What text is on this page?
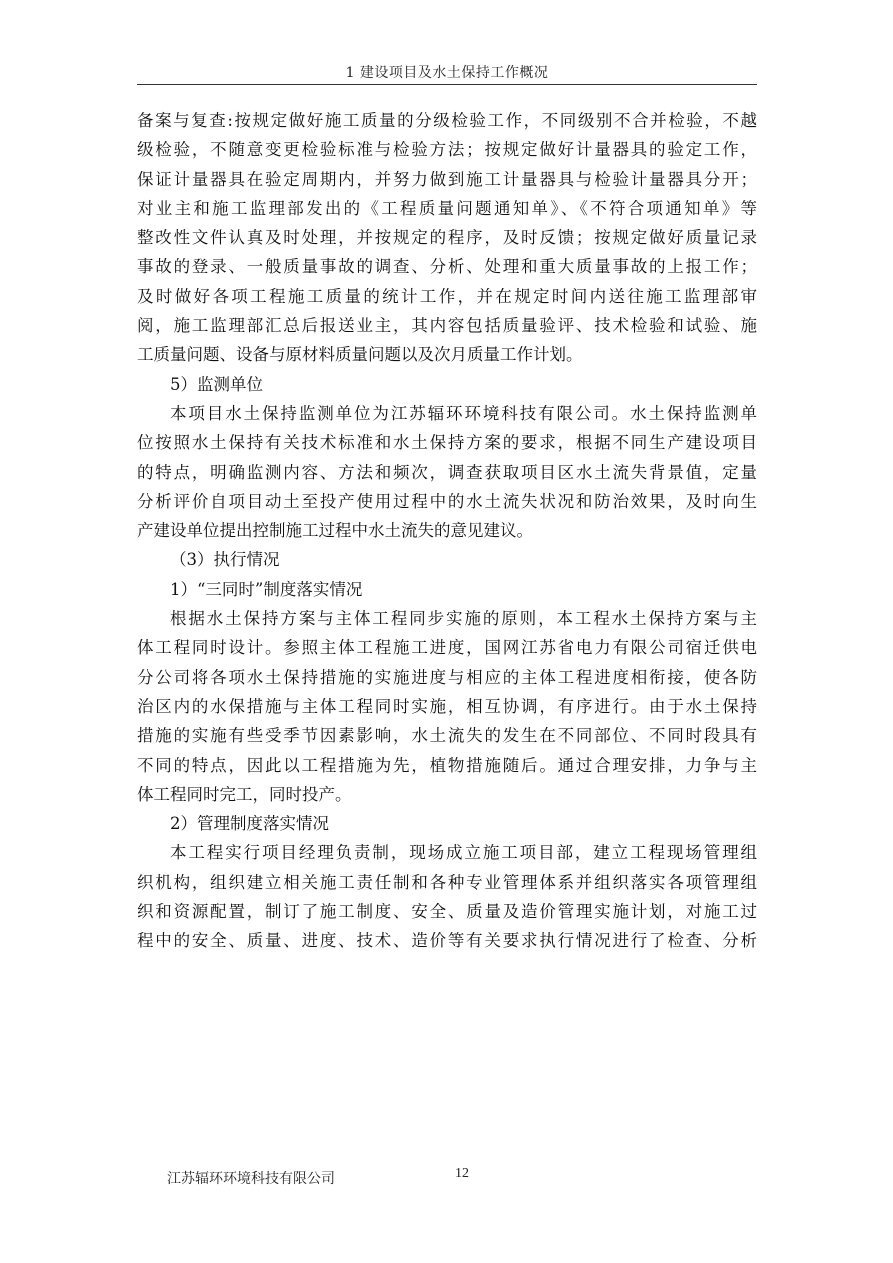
1 建设项目及水土保持工作概况
备案与复查:按规定做好施工质量的分级检验工作，不同级别不合并检验，不越
级检验，不随意变更检验标准与检验方法；按规定做好计量器具的验定工作，
保证计量器具在验定周期内，并努力做到施工计量器具与检验计量器具分开；
对业主和施工监理部发出的《工程质量问题通知单》、《不符合项通知单》等
整改性文件认真及时处理，并按规定的程序，及时反馈；按规定做好质量记录
事故的登录、一般质量事故的调查、分析、处理和重大质量事故的上报工作；
及时做好各项工程施工质量的统计工作，并在规定时间内送往施工监理部审
阅，施工监理部汇总后报送业主，其内容包括质量验评、技术检验和试验、施
工质量问题、设备与原材料质量问题以及次月质量工作计划。
5）监测单位
本项目水土保持监测单位为江苏辐环环境科技有限公司。水土保持监测单
位按照水土保持有关技术标准和水土保持方案的要求，根据不同生产建设项目
的特点，明确监测内容、方法和频次，调查获取项目区水土流失背景值，定量
分析评价自项目动土至投产使用过程中的水土流失状况和防治效果，及时向生
产建设单位提出控制施工过程中水土流失的意见建议。
（3）执行情况
1）“三同时”制度落实情况
根据水土保持方案与主体工程同步实施的原则，本工程水土保持方案与主
体工程同时设计。参照主体工程施工进度，国网江苏省电力有限公司宿迁供电
分公司将各项水土保持措施的实施进度与相应的主体工程进度相衔接，使各防
治区内的水保措施与主体工程同时实施，相互协调，有序进行。由于水土保持
措施的实施有些受季节因素影响，水土流失的发生在不同部位、不同时段具有
不同的特点，因此以工程措施为先，植物措施随后。通过合理安排，力争与主
体工程同时完工，同时投产。
2）管理制度落实情况
本工程实行项目经理负责制，现场成立施工项目部，建立工程现场管理组
织机构，组织建立相关施工责任制和各种专业管理体系并组织落实各项管理组
织和资源配置，制订了施工制度、安全、质量及造价管理实施计划，对施工过
程中的安全、质量、进度、技术、造价等有关要求执行情况进行了检查、分析
江苏辐环环境科技有限公司	12
